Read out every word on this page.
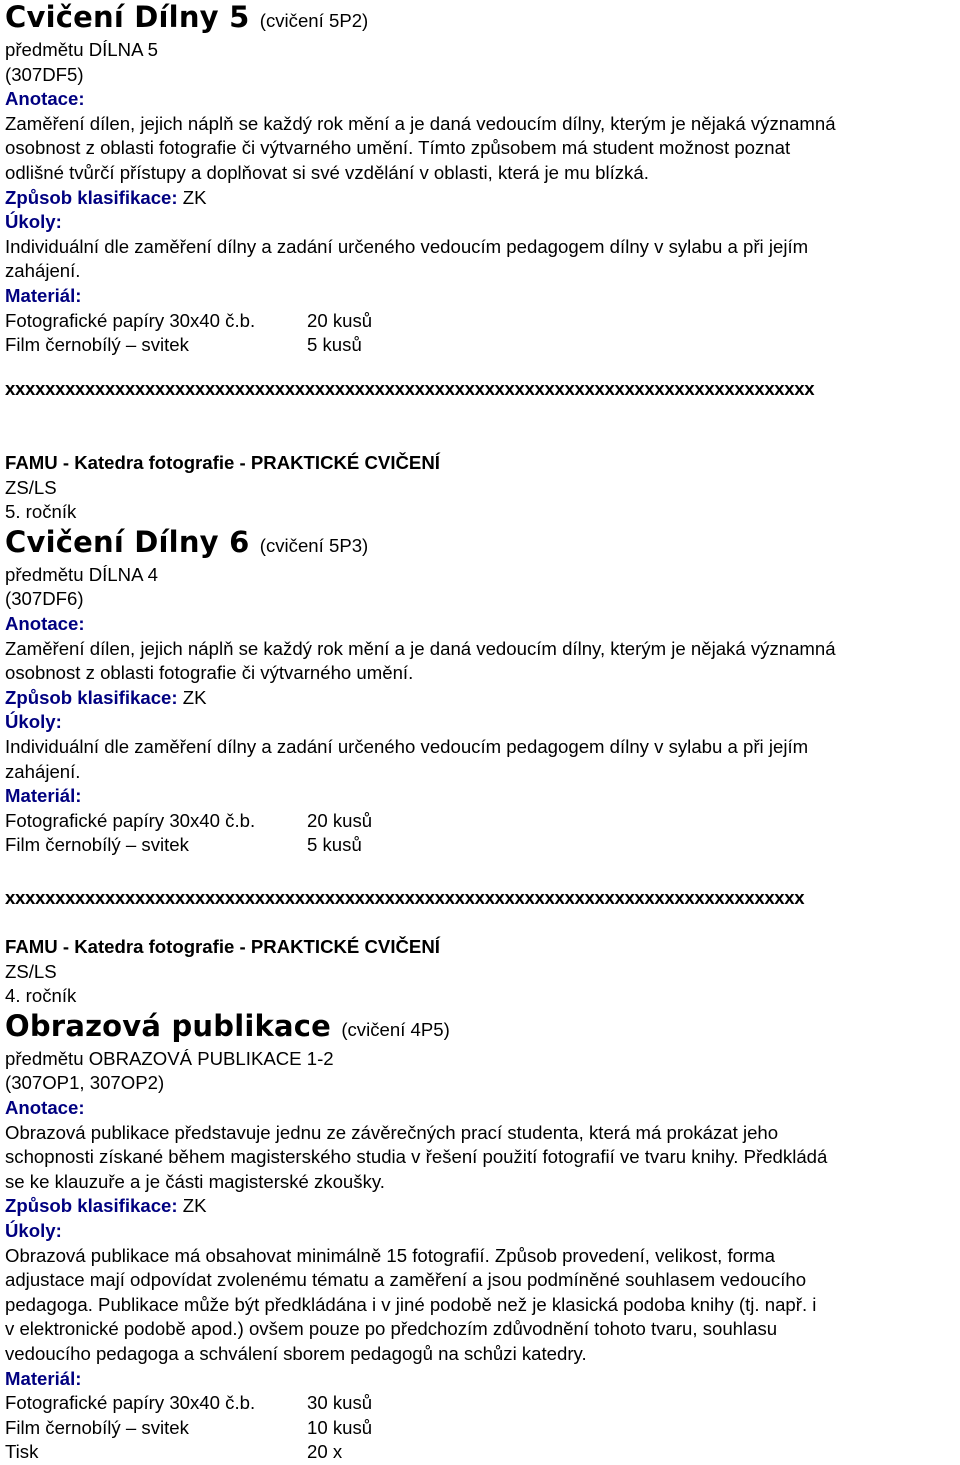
Cvičení Dílny 5 (cvičení 5P2)
předmětu DÍLNA 5
(307DF5)
Anotace:
Zaměření dílen, jejich náplň se každý rok mění a je daná vedoucím dílny, kterým je nějaká významná
osobnost z oblasti fotografie či výtvarného umění. Tímto způsobem má student možnost poznat
odlišné tvůrčí přístupy a doplňovat si své vzdělání v oblasti, která je mu blízká.
Způsob klasifikace: ZK
Úkoly:
Individuální dle zaměření dílny a zadání určeného vedoucím pedagogem dílny v sylabu a při jejím
zahájení.
Materiál:
Fotografické papíry 30x40 č.b.	20 kusů
Film černobílý – svitek	5 kusů
xxxxxxxxxxxxxxxxxxxxxxxxxxxxxxxxxxxxxxxxxxxxxxxxxxxxxxxxxxxxxxxxxxxxxxxxxxxxxxxxx
FAMU - Katedra fotografie - PRAKTICKÉ CVIČENÍ
ZS/LS
5. ročník
Cvičení Dílny 6 (cvičení 5P3)
předmětu DÍLNA 4
(307DF6)
Anotace:
Zaměření dílen, jejich náplň se každý rok mění a je daná vedoucím dílny, kterým je nějaká významná
osobnost z oblasti fotografie či výtvarného umění.
Způsob klasifikace: ZK
Úkoly:
Individuální dle zaměření dílny a zadání určeného vedoucím pedagogem dílny v sylabu a při jejím
zahájení.
Materiál:
Fotografické papíry 30x40 č.b.	20 kusů
Film černobílý – svitek	5 kusů
xxxxxxxxxxxxxxxxxxxxxxxxxxxxxxxxxxxxxxxxxxxxxxxxxxxxxxxxxxxxxxxxxxxxxxxxxxxxxxxx
FAMU - Katedra fotografie - PRAKTICKÉ CVIČENÍ
ZS/LS
4. ročník
Obrazová publikace (cvičení 4P5)
předmětu OBRAZOVÁ PUBLIKACE 1-2
(307OP1, 307OP2)
Anotace:
Obrazová publikace představuje jednu ze závěrečných prací studenta, která má prokázat jeho
schopnosti získané během magisterského studia v řešení použití fotografií ve tvaru knihy. Předkládá
se ke klauzuře a je části magisterské zkoušky.
Způsob klasifikace: ZK
Úkoly:
Obrazová publikace má obsahovat minimálně 15 fotografií. Způsob provedení, velikost, forma
adjustace mají odpovídat zvolenému tématu a zaměření a jsou podmíněné souhlasem vedoucího
pedagoga. Publikace může být předkládána i v jiné podobě než je klasická podoba knihy (tj. např. i
v elektronické podobě apod.) ovšem pouze po předchozím zdůvodnění tohoto tvaru, souhlasu
vedoucího pedagoga a schválení sborem pedagogů na schůzi katedry.
Materiál:
Fotografické papíry 30x40 č.b.	30 kusů
Film černobílý – svitek	10 kusů
Tisk	20 x
